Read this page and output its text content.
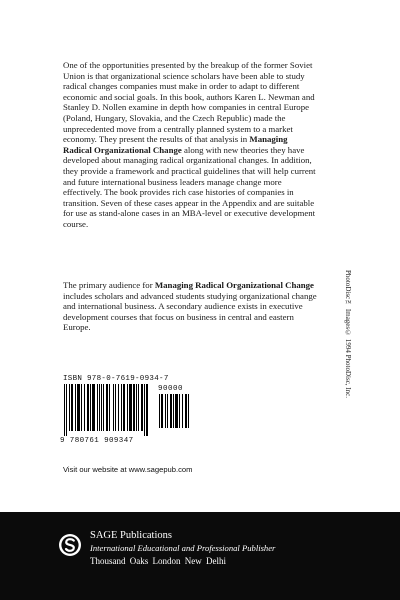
One of the opportunities presented by the breakup of the former Soviet Union is that organizational science scholars have been able to study radical changes companies must make in order to adapt to different economic and social goals. In this book, authors Karen L. Newman and Stanley D. Nollen examine in depth how companies in central Europe (Poland, Hungary, Slovakia, and the Czech Republic) made the unprecedented move from a centrally planned system to a market economy. They present the results of that analysis in Managing Radical Organizational Change along with new theories they have developed about managing radical organizational changes. In addition, they provide a framework and practical guidelines that will help current and future international business leaders manage change more effectively. The book provides rich case histories of companies in transition. Seven of these cases appear in the Appendix and are suitable for use as stand-alone cases in an MBA-level or executive development course.

The primary audience for Managing Radical Organizational Change includes scholars and advanced students studying organizational change and international business. A secondary audience exists in executive development courses that focus on business in central and eastern Europe.

ISBN 978-0-7619-0934-7
90000
9 780761 909347
Visit our website at www.sagepub.com
PhotoDisc™ Images© 1994 PhotoDisc, Inc.
SAGE Publications
International Educational and Professional Publisher
Thousand Oaks London New Delhi
